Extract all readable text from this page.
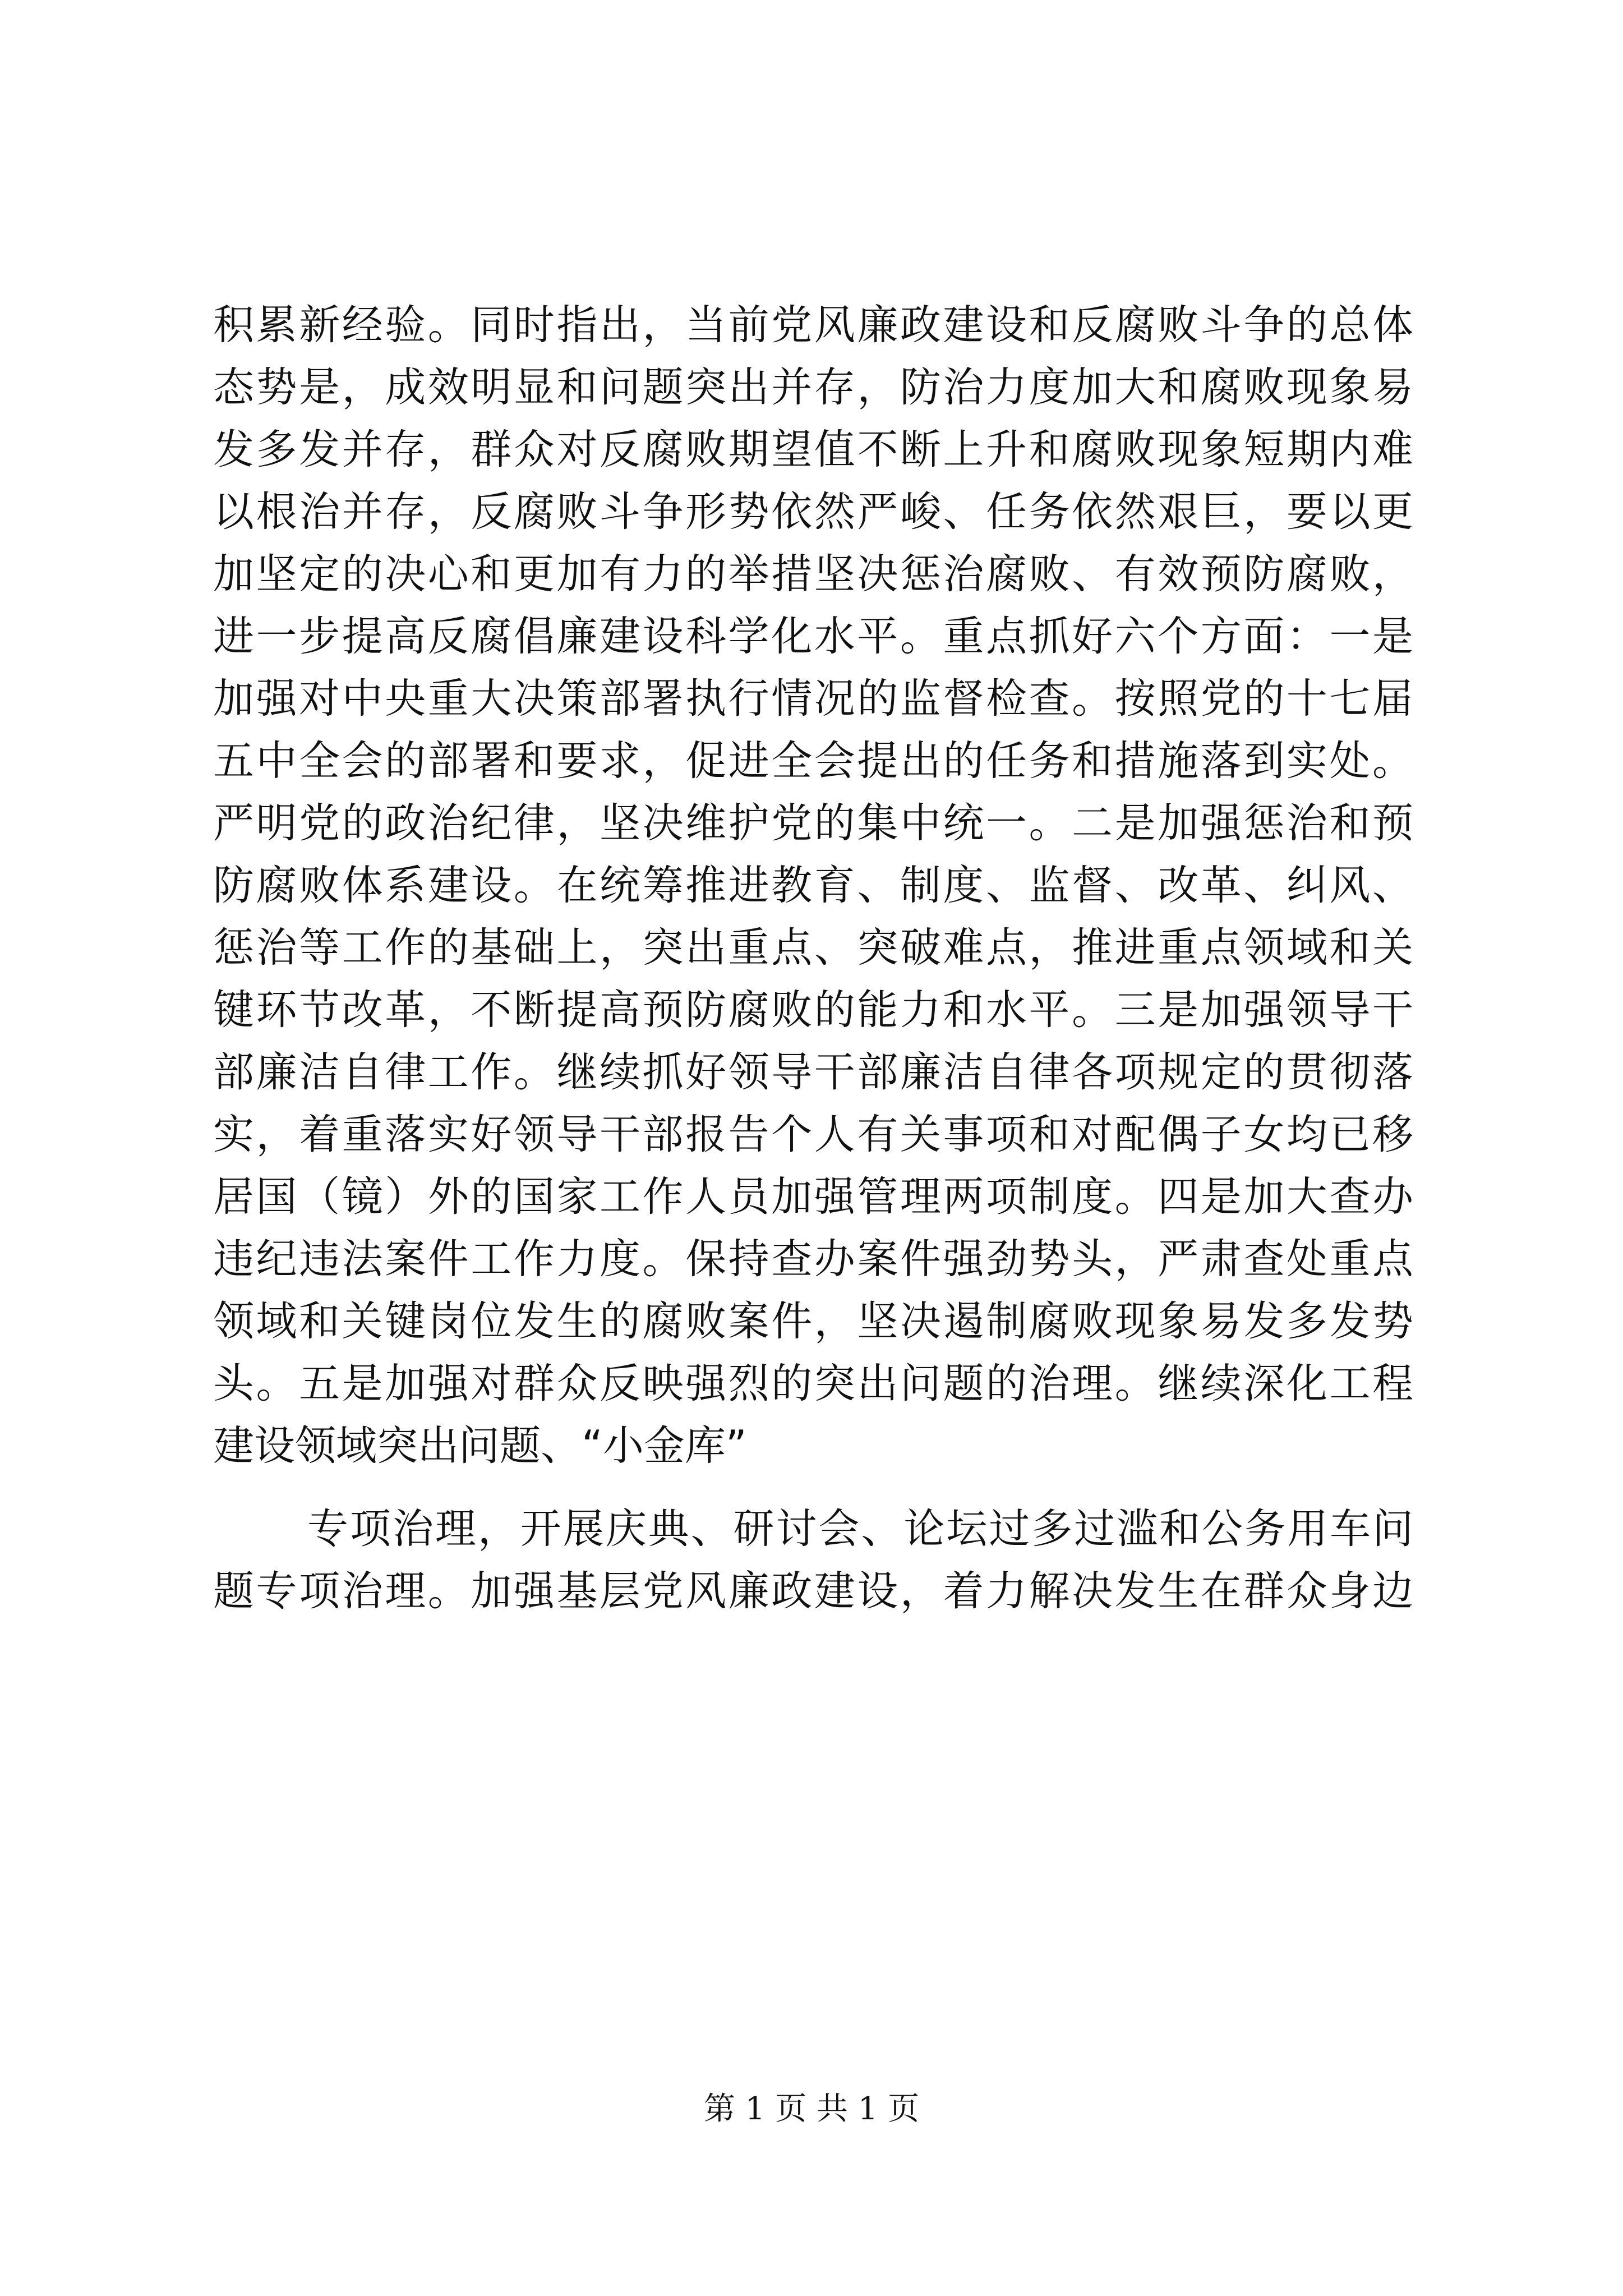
积累新经验。同时指出，当前党风廉政建设和反腐败斗争的总体
态势是，成效明显和问题突出并存，防治力度加大和腐败现象易
发多发并存，群众对反腐败期望值不断上升和腐败现象短期内难
以根治并存，反腐败斗争形势依然严峻、任务依然艰巨，要以更
加坚定的决心和更加有力的举措坚决惩治腐败、有效预防腐败，
进一步提高反腐倡廉建设科学化水平。重点抓好六个方面：一是
加强对中央重大决策部署执行情况的监督检查。按照党的十七届
五中全会的部署和要求，促进全会提出的任务和措施落到实处。
严明党的政治纪律，坚决维护党的集中统一。二是加强惩治和预
防腐败体系建设。在统筹推进教育、制度、监督、改革、纠风、
惩治等工作的基础上，突出重点、突破难点，推进重点领域和关
键环节改革，不断提高预防腐败的能力和水平。三是加强领导干
部廉洁自律工作。继续抓好领导干部廉洁自律各项规定的贯彻落
实，着重落实好领导干部报告个人有关事项和对配偶子女均已移
居国（镜）外的国家工作人员加强管理两项制度。四是加大查办
违纪违法案件工作力度。保持查办案件强劲势头，严肃查处重点
领域和关键岗位发生的腐败案件，坚决遏制腐败现象易发多发势
头。五是加强对群众反映强烈的突出问题的治理。继续深化工程
建设领域突出问题、“小金库”
专项治理，开展庆典、研讨会、论坛过多过滥和公务用车问
题专项治理。加强基层党风廉政建设，着力解决发生在群众身边
第 1 页 共 1 页
